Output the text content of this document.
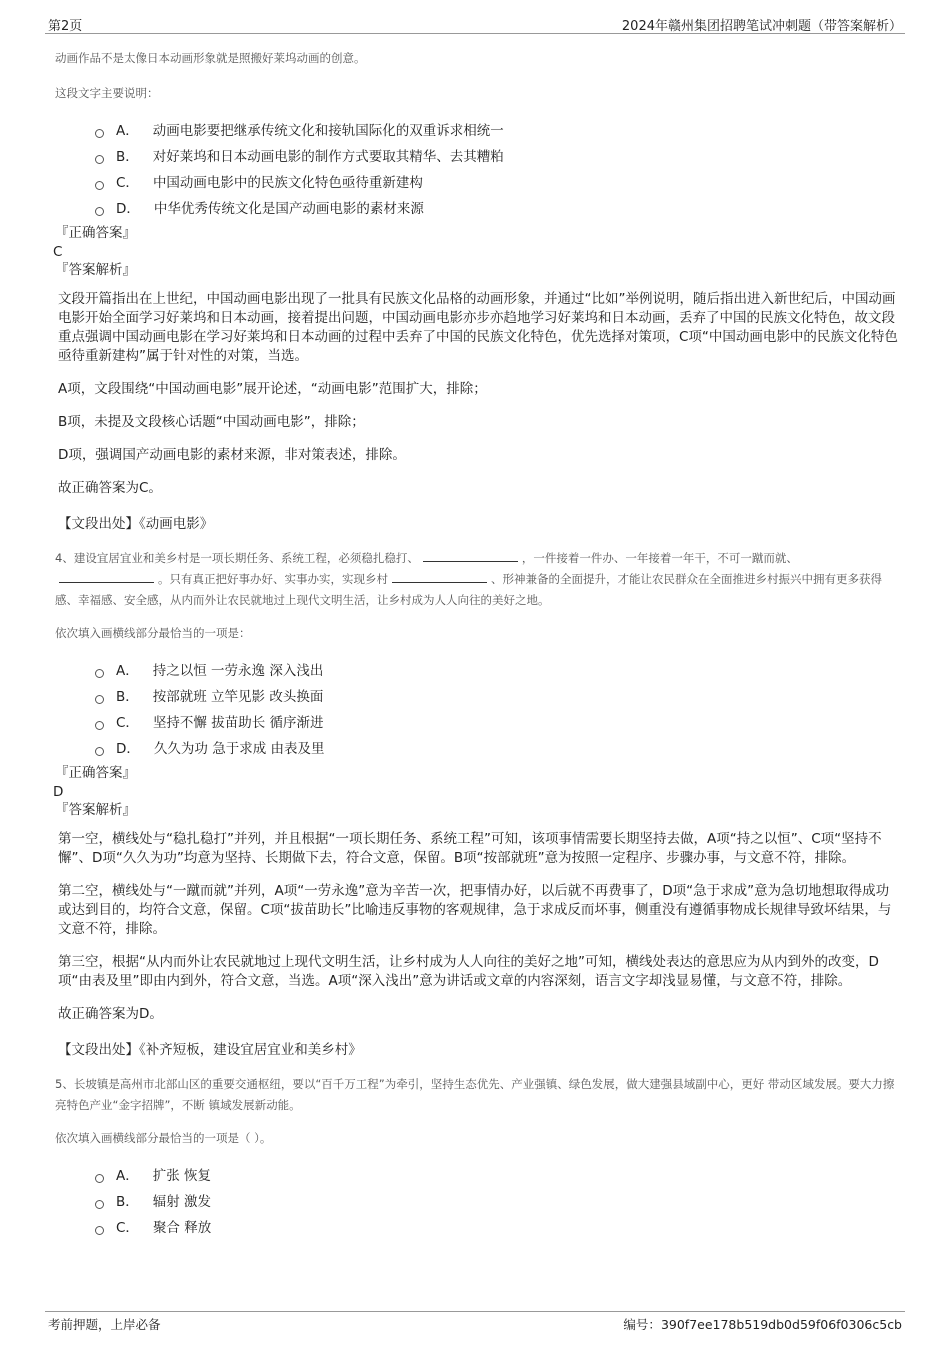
第2页	2024年赣州集团招聘笔试冲刺题（带答案解析）
动画作品不是太像日本动画形象就是照搬好莱坞动画的创意。
这段文字主要说明：
A． 动画电影要把继承传统文化和接轨国际化的双重诉求相统一
B． 对好莱坞和日本动画电影的制作方式要取其精华、去其糟粕
C． 中国动画电影中的民族文化特色亟待重新建构
D． 中华优秀传统文化是国产动画电影的素材来源
『正确答案』
C
『答案解析』
文段开篇指出在上世纪，中国动画电影出现了一批具有民族文化品格的动画形象，并通过“比如”举例说明，随后指出进入新世纪后，中国动画电影开始全面学习好莱坞和日本动画，接着提出问题，中国动画电影亦步亦趋地学习好莱坞和日本动画，丢弃了中国的民族文化特色，故文段重点强调中国动画电影在学习好莱坞和日本动画的过程中丢弃了中国的民族文化特色，优先选择对策项，C项“中国动画电影中的民族文化特色亟待重新建构”属于针对性的对策，当选。
A项，文段围绕“中国动画电影”展开论述，“动画电影”范围扩大，排除；
B项，未提及文段核心话题“中国动画电影”，排除；
D项，强调国产动画电影的素材来源，非对策表述，排除。
故正确答案为C。
【文段出处】《动画电影》
4、建设宜居宜业和美乡村是一项长期任务、系统工程，必须稳扎稳打、	，一件接着一件办、一年接着一年干，不可一蹴而就、。只有真正把好事办好、实事办实，实现乡村	、形神兼备的全面提升，才能让农民群众在全面推进乡村振兴中拥有更多获得感、幸福感、安全感，从内而外让农民就地过上现代文明生活，让乡村成为人人向往的美好之地。
依次填入画横线部分最恰当的一项是：
A． 持之以恒 一劳永逸 深入浅出
B． 按部就班 立竿见影 改头换面
C． 坚持不懈 拔苗助长 循序渐进
D． 久久为功 急于求成 由表及里
『正确答案』
D
『答案解析』
第一空，横线处与“稳扎稳打”并列，并且根据“一项长期任务、系统工程”可知，该项事情需要长期坚持去做，A项“持之以恒”、C项“坚持不懈”、D项“久久为功”均意为坚持、长期做下去，符合文意，保留。B项“按部就班”意为按照一定程序、步骤办事，与文意不符，排除。
第二空，横线处与“一蹴而就”并列，A项“一劳永逸”意为辛苦一次，把事情办好，以后就不再费事了，D项“急于求成”意为急切地想取得成功或达到目的，均符合文意，保留。C项“拔苗助长”比喻违反事物的客观规律，急于求成反而坏事，侧重没有遵循事物成长规律导致坏结果，与文意不符，排除。
第三空，根据“从内而外让农民就地过上现代文明生活，让乡村成为人人向往的美好之地”可知，横线处表达的意思应为从内到外的改变，D项“由表及里”即由内到外，符合文意，当选。A项“深入浅出”意为讲话或文章的内容深刻，语言文字却浅显易懂，与文意不符，排除。
故正确答案为D。
【文段出处】《补齐短板，建设宜居宜业和美乡村》
5、长坡镇是高州市北部山区的重要交通枢纽，要以“百千万工程”为牵引，坚持生态优先、产业强镇、绿色发展，做大建强县域副中心，更好 带动区域发展。要大力擦亮特色产业“金字招牌”，不断 镇域发展新动能。
依次填入画横线部分最恰当的一项是（ ）。
A． 扩张 恢复
B． 辐射 激发
C． 聚合 释放
考前押题，上岸必备	编号：390f7ee178b519db0d59f06f0306c5cb
